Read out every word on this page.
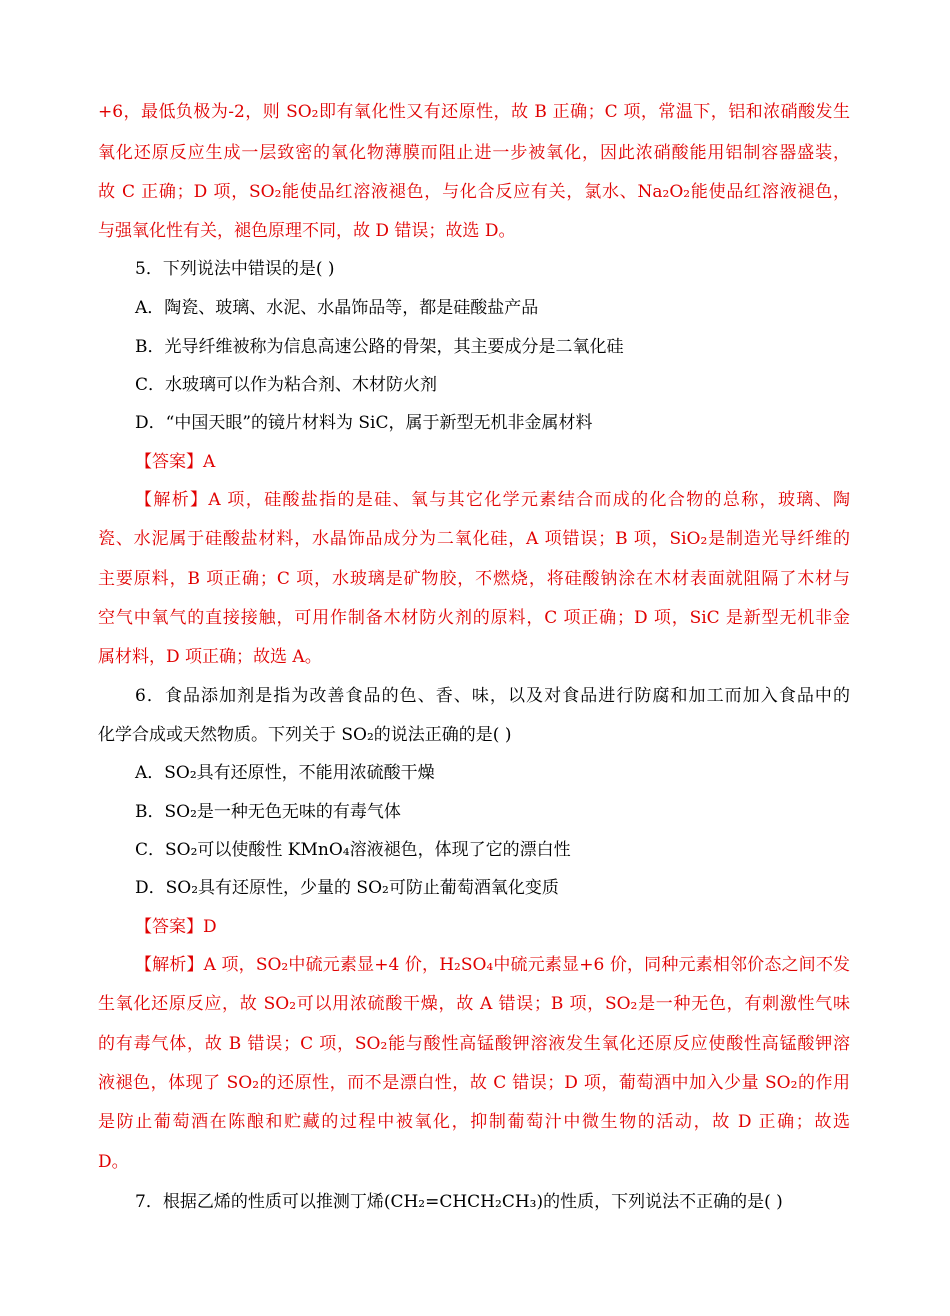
+6，最低负极为-2，则 SO₂即有氧化性又有还原性，故 B 正确；C 项，常温下，铝和浓硝酸发生
氧化还原反应生成一层致密的氧化物薄膜而阻止进一步被氧化，因此浓硝酸能用铝制容器盛装，
故 C 正确；D 项，SO₂能使品红溶液褪色，与化合反应有关，氯水、Na₂O₂能使品红溶液褪色，
与强氧化性有关，褪色原理不同，故 D 错误；故选 D。
5．下列说法中错误的是( )
A．陶瓷、玻璃、水泥、水晶饰品等，都是硅酸盐产品
B．光导纤维被称为信息高速公路的骨架，其主要成分是二氧化硅
C．水玻璃可以作为粘合剂、木材防火剂
D．“中国天眼”的镜片材料为 SiC，属于新型无机非金属材料
【答案】A
【解析】A 项，硅酸盐指的是硅、氧与其它化学元素结合而成的化合物的总称，玻璃、陶
瓷、水泥属于硅酸盐材料，水晶饰品成分为二氧化硅，A 项错误；B 项，SiO₂是制造光导纤维的
主要原料，B 项正确；C 项，水玻璃是矿物胶，不燃烧，将硅酸钠涂在木材表面就阻隔了木材与
空气中氧气的直接接触，可用作制备木材防火剂的原料，C 项正确；D 项，SiC 是新型无机非金
属材料，D 项正确；故选 A。
6．食品添加剂是指为改善食品的色、香、味，以及对食品进行防腐和加工而加入食品中的
化学合成或天然物质。下列关于 SO₂的说法正确的是( )
A．SO₂具有还原性，不能用浓硫酸干燥
B．SO₂是一种无色无味的有毒气体
C．SO₂可以使酸性 KMnO₄溶液褪色，体现了它的漂白性
D．SO₂具有还原性，少量的 SO₂可防止葡萄酒氧化变质
【答案】D
【解析】A 项，SO₂中硫元素显+4 价，H₂SO₄中硫元素显+6 价，同种元素相邻价态之间不发
生氧化还原反应，故 SO₂可以用浓硫酸干燥，故 A 错误；B 项，SO₂是一种无色，有刺激性气味
的有毒气体，故 B 错误；C 项，SO₂能与酸性高锰酸钾溶液发生氧化还原反应使酸性高锰酸钾溶
液褪色，体现了 SO₂的还原性，而不是漂白性，故 C 错误；D 项，葡萄酒中加入少量 SO₂的作用
是防止葡萄酒在陈酿和贮藏的过程中被氧化，抑制葡萄汁中微生物的活动，故 D 正确；故选
D。
7．根据乙烯的性质可以推测丁烯(CH₂=CHCH₂CH₃)的性质，下列说法不正确的是( )
